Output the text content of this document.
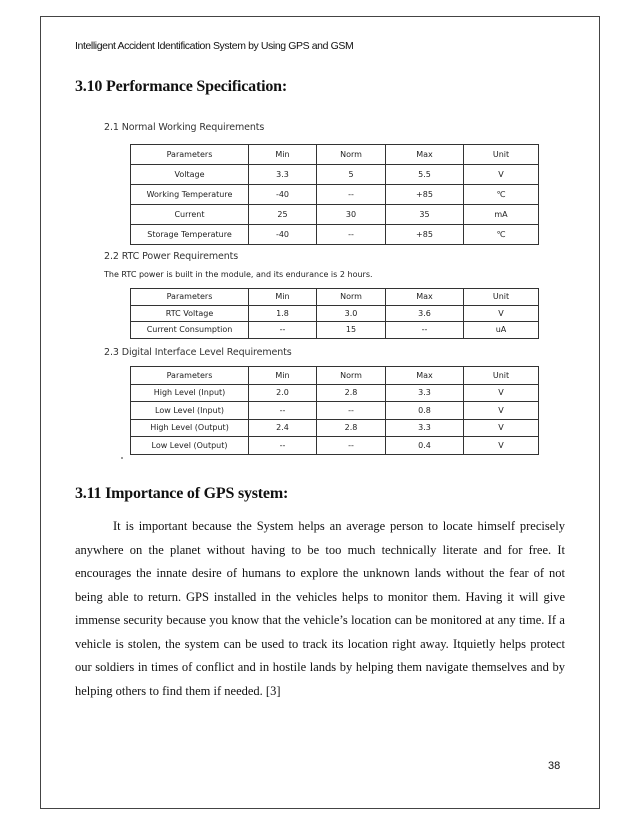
Intelligent Accident Identification System by Using GPS and GSM
3.10 Performance Specification:
2.1 Normal Working Requirements
Parameters	Min	Norm	Max	Unit
Voltage	3.3	5	5.5	V
Working Temperature	-40	--	+85	℃
Current	25	30	35	mA
Storage Temperature	-40	--	+85	℃
2.2 RTC Power Requirements
The RTC power is built in the module, and its endurance is 2 hours.
Parameters	Min	Norm	Max	Unit
RTC Voltage	1.8	3.0	3.6	V
Current Consumption	--	15	--	uA
2.3 Digital Interface Level Requirements
Parameters	Min	Norm	Max	Unit
High Level (Input)	2.0	2.8	3.3	V
Low Level (Input)	--	--	0.8	V
High Level (Output)	2.4	2.8	3.3	V
Low Level (Output)	--	--	0.4	V
3.11 Importance of GPS system:

It is important because the System helps an average person to locate himself precisely anywhere on the planet without having to be too much technically literate and for free. It encourages the innate desire of humans to explore the unknown lands without the fear of not being able to return. GPS installed in the vehicles helps to monitor them. Having it will give immense security because you know that the vehicle’s location can be monitored at any time. If a vehicle is stolen, the system can be used to track its location right away. Itquietly helps protect our soldiers in times of conflict and in hostile lands by helping them navigate themselves and by helping others to find them if needed. [3]

38
